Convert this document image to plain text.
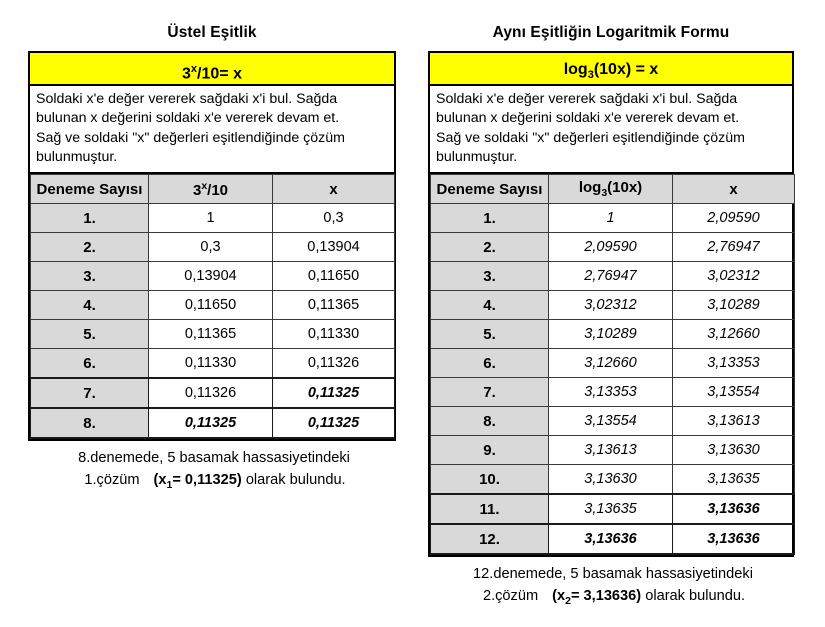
Üstel Eşitlik
$3^x/10= x$

Soldaki x'e değer vererek sağdaki x'i bul. Sağda

bulunan x değerini soldaki x'e vererek devam et.

Sağ ve soldaki "x" değerleri eşitlendiğinde çözüm

bulunmuştur.

Deneme Sayısı	3$^x$/10	x
1.	1	0,3
2.	0,3	0,13904
3.	0,13904	0,11650
4.	0,11650	0,11365
5.	0,11365	0,11330
6.	0,11330	0,11326
7.	0,11326	0,11325
8.	0,11325	0,11325
8.denemede, 5 basamak hassasiyetindeki
1.çözüm $(x_1= 0,11325)$ olarak bulundu.
Aynı Eşitliğin Logaritmik Formu
$\log_3(10x) = x$

Soldaki x'e değer vererek sağdaki x'i bul. Sağda

bulunan x değerini soldaki x'e vererek devam et.

Sağ ve soldaki "x" değerleri eşitlendiğinde çözüm

bulunmuştur.

Deneme Sayısı	$\log_3(10x)$	x
1.	1	2,09590
2.	2,09590	2,76947
3.	2,76947	3,02312
4.	3,02312	3,10289
5.	3,10289	3,12660
6.	3,12660	3,13353
7.	3,13353	3,13554
8.	3,13554	3,13613
9.	3,13613	3,13630
10.	3,13630	3,13635
11.	3,13635	3,13636
12.	3,13636	3,13636
12.denemede, 5 basamak hassasiyetindeki
2.çözüm $(x_2= 3,13636)$ olarak bulundu.
